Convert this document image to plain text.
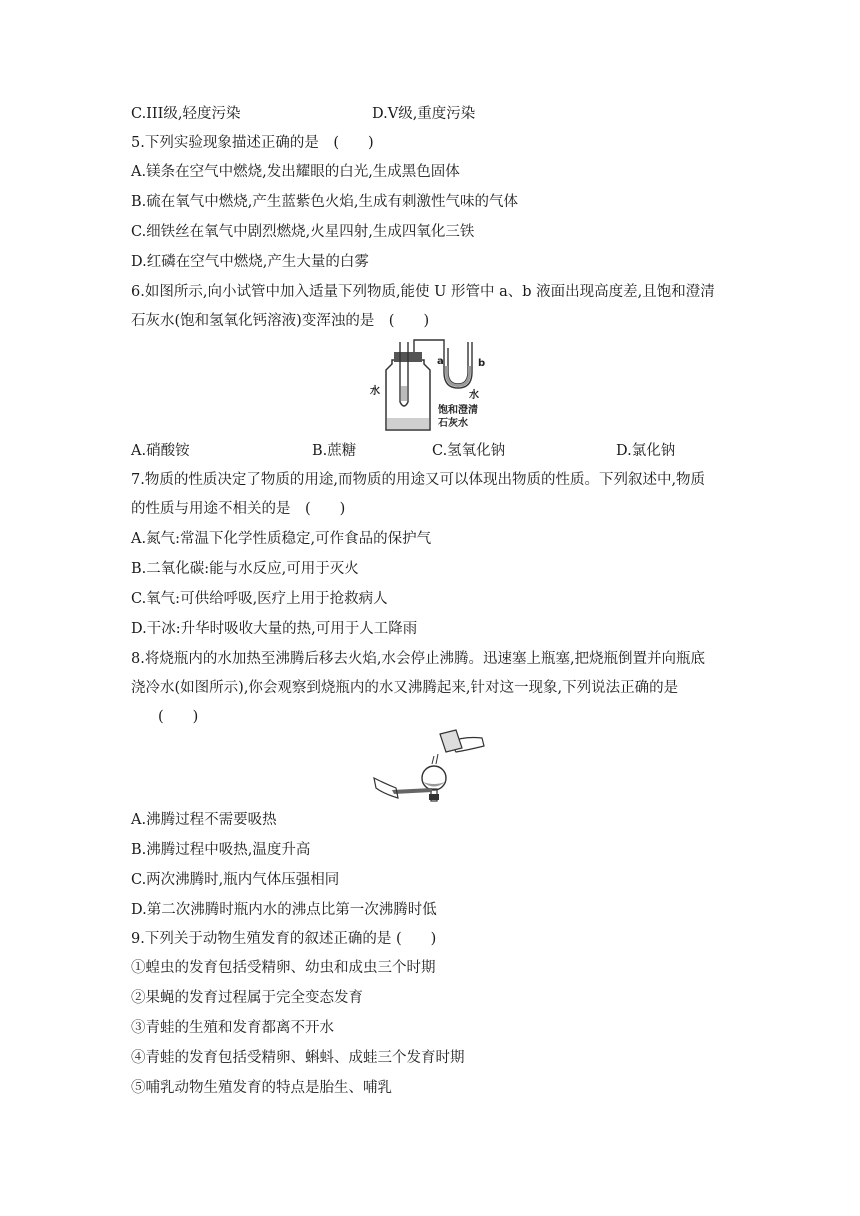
C.III级,轻度污染	D.V级,重度污染
5.下列实验现象描述正确的是　(　　)
A.镁条在空气中燃烧,发出耀眼的白光,生成黑色固体
B.硫在氧气中燃烧,产生蓝紫色火焰,生成有刺激性气味的气体
C.细铁丝在氧气中剧烈燃烧,火星四射,生成四氧化三铁
D.红磷在空气中燃烧,产生大量的白雾
6.如图所示,向小试管中加入适量下列物质,能使 U 形管中 a、b 液面出现高度差,且饱和澄清
石灰水(饱和氢氧化钙溶液)变浑浊的是　(　　)
水
a	b
水
饱和澄清
石灰水
A.硝酸铵	B.蔗糖	C.氢氧化钠	D.氯化钠
7.物质的性质决定了物质的用途,而物质的用途又可以体现出物质的性质。下列叙述中,物质
的性质与用途不相关的是　(　　)
A.氮气:常温下化学性质稳定,可作食品的保护气
B.二氧化碳:能与水反应,可用于灭火
C.氧气:可供给呼吸,医疗上用于抢救病人
D.干冰:升华时吸收大量的热,可用于人工降雨
8.将烧瓶内的水加热至沸腾后移去火焰,水会停止沸腾。迅速塞上瓶塞,把烧瓶倒置并向瓶底
浇冷水(如图所示),你会观察到烧瓶内的水又沸腾起来,针对这一现象,下列说法正确的是
(　　)
A.沸腾过程不需要吸热
B.沸腾过程中吸热,温度升高
C.两次沸腾时,瓶内气体压强相同
D.第二次沸腾时瓶内水的沸点比第一次沸腾时低
9.下列关于动物生殖发育的叙述正确的是 (　　)
①蝗虫的发育包括受精卵、幼虫和成虫三个时期
②果蝇的发育过程属于完全变态发育
③青蛙的生殖和发育都离不开水
④青蛙的发育包括受精卵、蝌蚪、成蛙三个发育时期
⑤哺乳动物生殖发育的特点是胎生、哺乳
